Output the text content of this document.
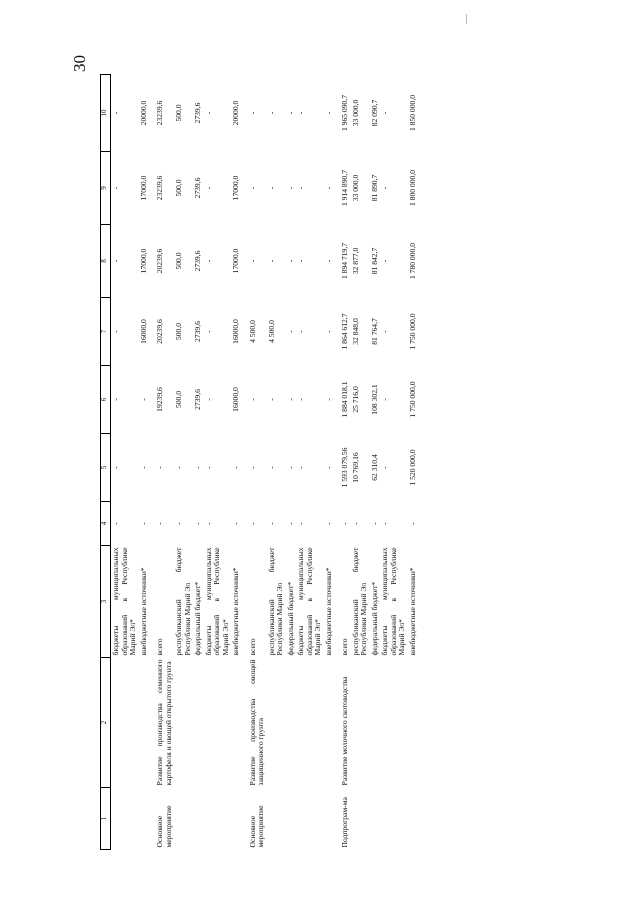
30
1	2	3	4	5	6	7	8	9	10
		бюджеты муниципальных образований в Республике Марий Эл*	-	-	-	-	-	-	-
		внебюджетные источники*	-	-	-	16000,0	17000,0	17000,0	20000,0
Основное мероприятие	Развитие производства семенного картофеля и овощей открытого грунта	всего	-	-	19239,6	20239,6	20239,6	23239,6	23239,6
		республиканский бюджет Республики Марий Эл	-	-	500,0	500,0	500,0	500,0	500,0
		федеральный бюджет*	-	-	2739,6	2739,6	2739,6	2739,6	2739,6
		бюджеты муниципальных образований в Республике Марий Эл*	-	-	-	-	-	-	-
		внебюджетные источники*	-	-	16000,0	16000,0	17000,0	17000,0	20000,0
Основное мероприятие	Развитие производства овощей защищенного грунта	всего	-	-	-	4 500,0	-	-	-
		республиканский бюджет Республики Марий Эл	-	-	-	4 500,0	-	-	-
		федеральный бюджет*	-	-	-	-	-	-	-
		бюджеты муниципальных образований в Республике Марий Эл*	-	-	-	-	-	-	-
		внебюджетные источники*	-	-	-	-	-	-	-
Подпрограм-ма	Развитие молочного скотоводства	всего	-	1 593 079,56	1 884 018,1	1 864 612,7	1 894 719,7	1 914 890,7	1 965 090,7
		республиканский бюджет Республики Марий Эл	-	10 769,16	25 716,0	32 848,0	32 877,0	33 000,0	33 000,0
		федеральный бюджет*	-	62 310,4	108 302,1	81 764,7	81 842,7	81 890,7	82 090,7
		бюджеты муниципальных образований в Республике Марий Эл*	-	-	-	-	-	-	-
		внебюджетные источники*	-	1 520 000,0	1 750 000,0	1 750 000,0	1 780 000,0	1 800 000,0	1 850 000,0
